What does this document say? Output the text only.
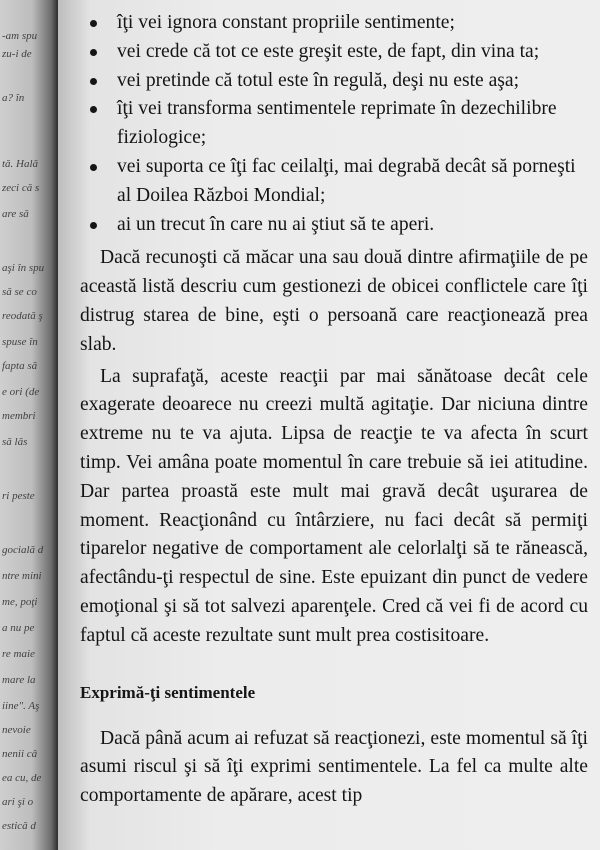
-am spu
zu-i de
a? în
tă. Hală
zeci că s
are să
aşi în spu
să se co
reodată ş
spuse în
fapta să
e ori (de
membri
să lăs
ri peste
gocială d
ntre mini
me, poţi
a nu pe
re maie
mare la
iine". Aş
nevoie
nenii câ
ea cu, de
ari şi o
estică d
îţi vei ignora constant propriile sentimente;
vei crede că tot ce este greşit este, de fapt, din vina ta;
vei pretinde că totul este în regulă, deşi nu este aşa;
îţi vei transforma sentimentele reprimate în dezechilibre fiziologice;
vei suporta ce îţi fac ceilalţi, mai degrabă decât să porneşti al Doilea Război Mondial;
ai un trecut în care nu ai ştiut să te aperi.

Dacă recunoşti că măcar una sau două dintre afirmaţiile de pe această listă descriu cum gestionezi de obicei conflictele care îţi distrug starea de bine, eşti o persoană care reacţionează prea slab.

La suprafaţă, aceste reacţii par mai sănătoase decât cele exagerate deoarece nu creezi multă agitaţie. Dar niciuna dintre extreme nu te va ajuta. Lipsa de reacţie te va afecta în scurt timp. Vei amâna poate momentul în care trebuie să iei atitudine. Dar partea proastă este mult mai gravă decât uşurarea de moment. Reacţionând cu întârziere, nu faci decât să permiţi tiparelor negative de comportament ale celorlalţi să te rănească, afectându-ţi respectul de sine. Este epuizant din punct de vedere emoţional şi să tot salvezi aparenţele. Cred că vei fi de acord cu faptul că aceste rezultate sunt mult prea costisitoare.

Exprimă-ţi sentimentele

Dacă până acum ai refuzat să reacţionezi, este momentul să îţi asumi riscul şi să îţi exprimi sentimentele. La fel ca multe alte comportamente de apărare, acest tip
